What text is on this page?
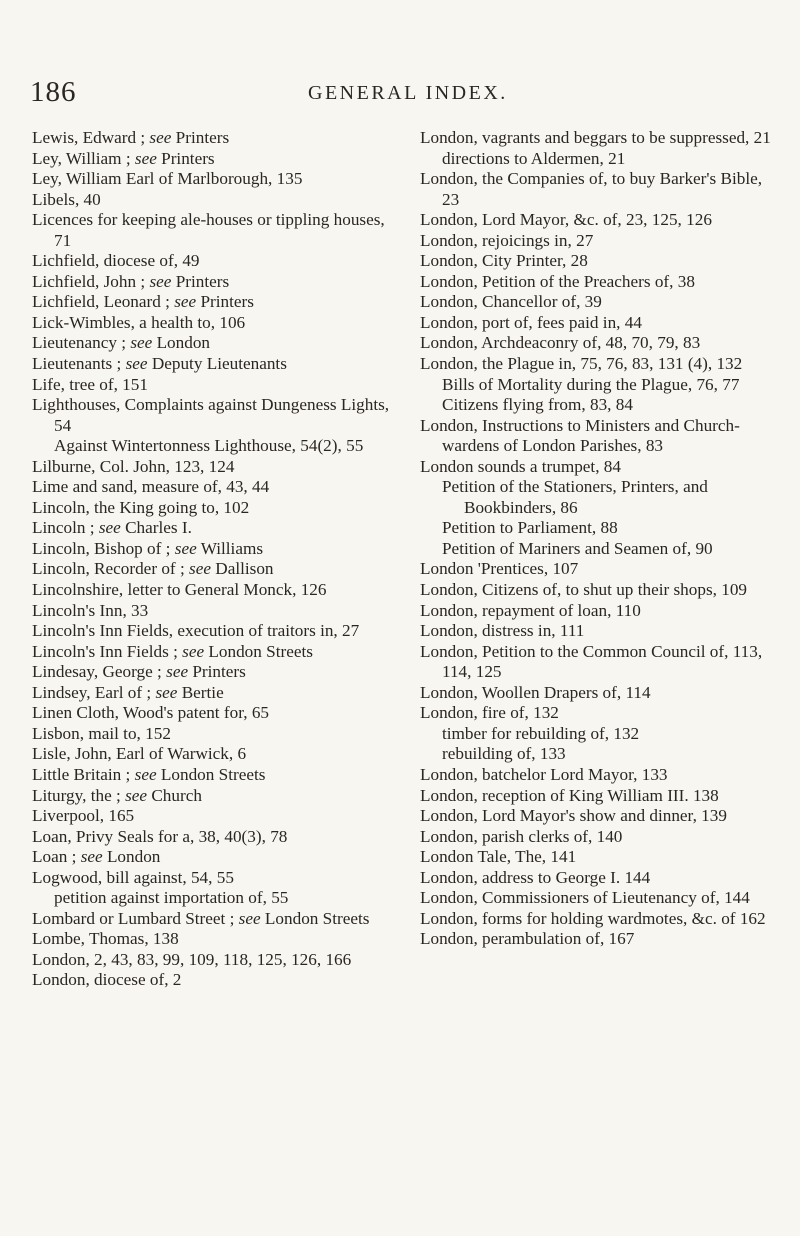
186	GENERAL INDEX.
Lewis, Edward ; see Printers
Ley, William ; see Printers
Ley, William Earl of Marlborough, 135
Libels, 40
Licences for keeping ale-houses or tippling houses, 71
Lichfield, diocese of, 49
Lichfield, John ; see Printers
Lichfield, Leonard ; see Printers
Lick-Wimbles, a health to, 106
Lieutenancy ; see London
Lieutenants ; see Deputy Lieutenants
Life, tree of, 151
Lighthouses, Complaints against Dungeness Lights, 54
Against Wintertonness Lighthouse, 54(2), 55
Lilburne, Col. John, 123, 124
Lime and sand, measure of, 43, 44
Lincoln, the King going to, 102
Lincoln ; see Charles I.
Lincoln, Bishop of ; see Williams
Lincoln, Recorder of ; see Dallison
Lincolnshire, letter to General Monck, 126
Lincoln's Inn, 33
Lincoln's Inn Fields, execution of traitors in, 27
Lincoln's Inn Fields ; see London Streets
Lindesay, George ; see Printers
Lindsey, Earl of ; see Bertie
Linen Cloth, Wood's patent for, 65
Lisbon, mail to, 152
Lisle, John, Earl of Warwick, 6
Little Britain ; see London Streets
Liturgy, the ; see Church
Liverpool, 165
Loan, Privy Seals for a, 38, 40(3), 78
Loan ; see London
Logwood, bill against, 54, 55
petition against importation of, 55
Lombard or Lumbard Street ; see London Streets
Lombe, Thomas, 138
London, 2, 43, 83, 99, 109, 118, 125, 126, 166
London, diocese of, 2
London, vagrants and beggars to be suppressed, 21
directions to Aldermen, 21
London, the Companies of, to buy Barker's Bible, 23
London, Lord Mayor, &c. of, 23, 125, 126
London, rejoicings in, 27
London, City Printer, 28
London, Petition of the Preachers of, 38
London, Chancellor of, 39
London, port of, fees paid in, 44
London, Archdeaconry of, 48, 70, 79, 83
London, the Plague in, 75, 76, 83, 131 (4), 132
Bills of Mortality during the Plague, 76, 77
Citizens flying from, 83, 84
London, Instructions to Ministers and Church-wardens of London Parishes, 83
London sounds a trumpet, 84
Petition of the Stationers, Printers, and Bookbinders, 86
Petition to Parliament, 88
Petition of Mariners and Seamen of, 90
London 'Prentices, 107
London, Citizens of, to shut up their shops, 109
London, repayment of loan, 110
London, distress in, 111
London, Petition to the Common Council of, 113, 114, 125
London, Woollen Drapers of, 114
London, fire of, 132
timber for rebuilding of, 132
rebuilding of, 133
London, batchelor Lord Mayor, 133
London, reception of King William III. 138
London, Lord Mayor's show and dinner, 139
London, parish clerks of, 140
London Tale, The, 141
London, address to George I. 144
London, Commissioners of Lieutenancy of, 144
London, forms for holding wardmotes, &c. of 162
London, perambulation of, 167
